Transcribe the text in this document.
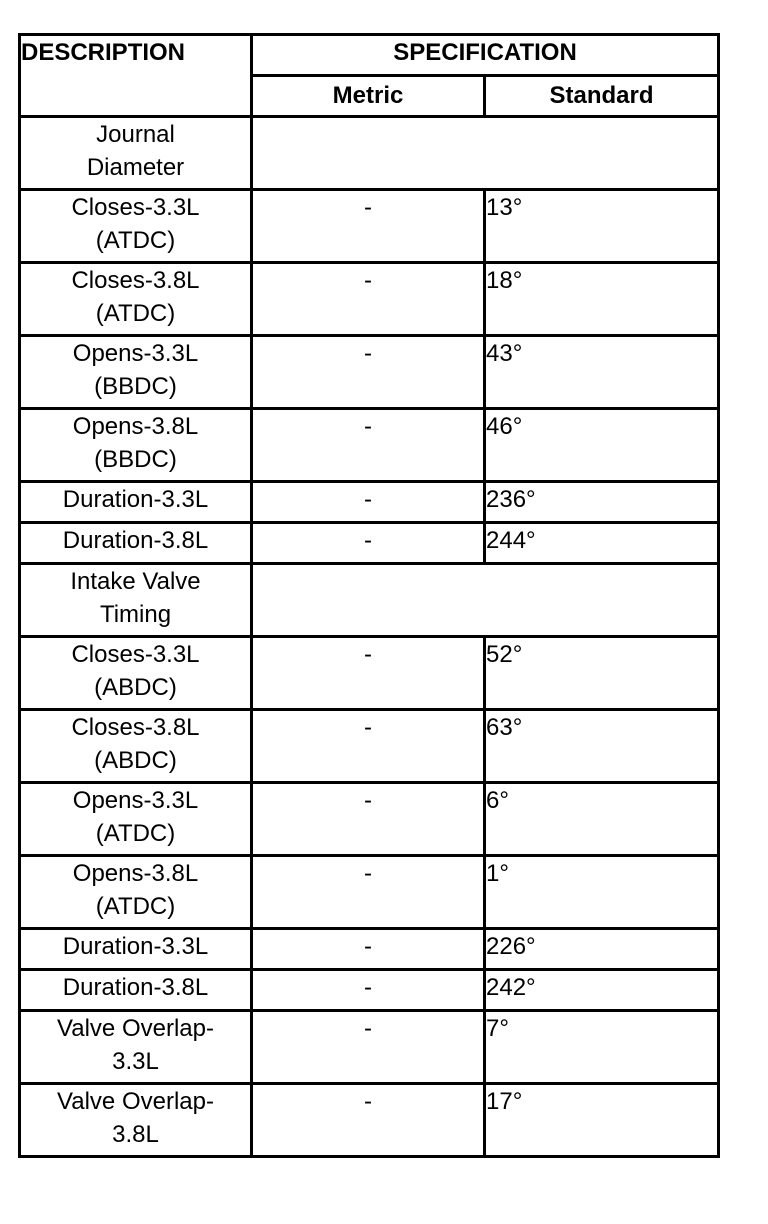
DESCRIPTION	SPECIFICATION	
	Metric	Standard

Journal
Diameter		

Closes-3.3L
(ATDC)	-	13°

Closes-3.8L
(ATDC)	-	18°

Opens-3.3L
(BBDC)	-	43°

Opens-3.8L
(BBDC)	-	46°

Duration-3.3L	-	236°

Duration-3.8L	-	244°

Intake Valve
Timing		

Closes-3.3L
(ABDC)	-	52°

Closes-3.8L
(ABDC)	-	63°

Opens-3.3L
(ATDC)	-	6°

Opens-3.8L
(ATDC)	-	1°

Duration-3.3L	-	226°

Duration-3.8L	-	242°

Valve Overlap-
3.3L	-	7°

Valve Overlap-
3.8L	-	17°
